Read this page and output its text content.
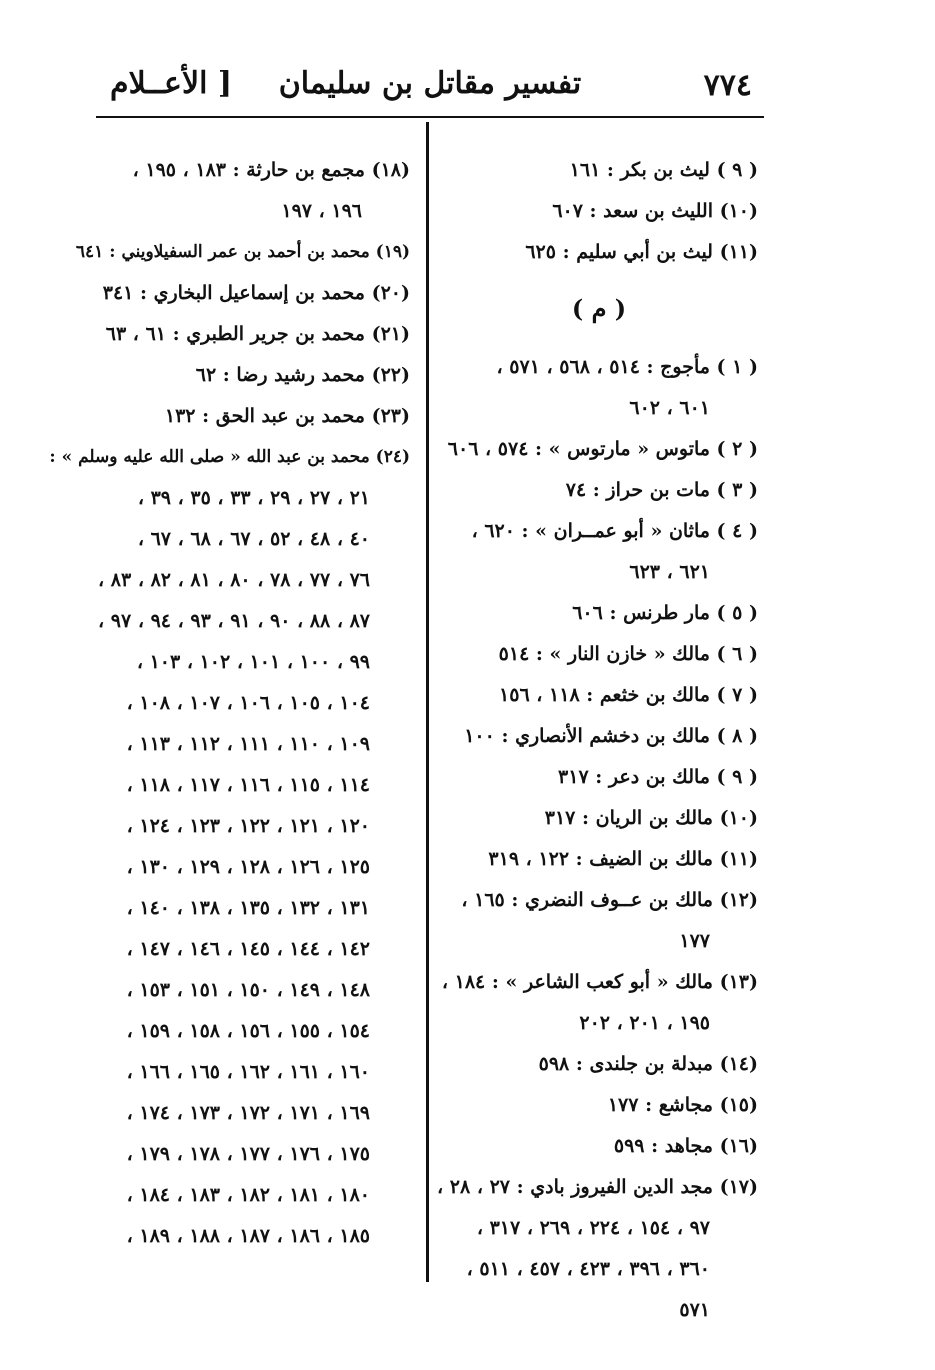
٧٧٤
تفسير مقاتل بن سليمان
[ الأعــلام
( ٩ ) ليث بن بكر : ١٦١
(١٠) الليث بن سعد : ٦٠٧
(١١) ليث بن أبي سليم : ٦٢٥
( م )
( ١ ) مأجوج : ٥١٤ ، ٥٦٨ ، ٥٧١ ،
٦٠١ ، ٦٠٢
( ٢ ) ماتوس « مارتوس » : ٥٧٤ ، ٦٠٦
( ٣ ) مات بن حراز : ٧٤
( ٤ ) ماثان « أبو عمــران » : ٦٢٠ ،
٦٢١ ، ٦٢٣
( ٥ ) مار طرنس : ٦٠٦
( ٦ ) مالك « خازن النار » : ٥١٤
( ٧ ) مالك بن خثعم : ١١٨ ، ١٥٦
( ٨ ) مالك بن دخشم الأنصاري : ١٠٠
( ٩ ) مالك بن دعر : ٣١٧
(١٠) مالك بن الريان : ٣١٧
(١١) مالك بن الضيف : ١٢٢ ، ٣١٩
(١٢) مالك بن عــوف النضري : ١٦٥ ،
١٧٧
(١٣) مالك « أبو كعب الشاعر » : ١٨٤ ،
١٩٥ ، ٢٠١ ، ٢٠٢
(١٤) مبدلة بن جلندى : ٥٩٨
(١٥) مجاشع : ١٧٧
(١٦) مجاهد : ٥٩٩
(١٧) مجد الدين الفيروز بادي : ٢٧ ، ٢٨ ،
٩٧ ، ١٥٤ ، ٢٢٤ ، ٢٦٩ ، ٣١٧ ،
٣٦٠ ، ٣٩٦ ، ٤٢٣ ، ٤٥٧ ، ٥١١ ،
٥٧١
(١٨) مجمع بن حارثة : ١٨٣ ، ١٩٥ ،
١٩٦ ، ١٩٧
(١٩) محمد بن أحمد بن عمر السفيلاويني : ٦٤١
(٢٠) محمد بن إسماعيل البخاري : ٣٤١
(٢١) محمد بن جرير الطبري : ٦١ ، ٦٣
(٢٢) محمد رشيد رضا : ٦٢
(٢٣) محمد بن عبد الحق : ١٣٢
(٢٤) محمد بن عبد الله « صلى الله عليه وسلم » :
٢١ ، ٢٧ ، ٢٩ ، ٣٣ ، ٣٥ ، ٣٩ ،
٤٠ ، ٤٨ ، ٥٢ ، ٦٧ ، ٦٨ ، ٦٧ ،
٧٦ ، ٧٧ ، ٧٨ ، ٨٠ ، ٨١ ، ٨٢ ، ٨٣ ،
٨٧ ، ٨٨ ، ٩٠ ، ٩١ ، ٩٣ ، ٩٤ ، ٩٧ ،
٩٩ ، ١٠٠ ، ١٠١ ، ١٠٢ ، ١٠٣ ،
١٠٤ ، ١٠٥ ، ١٠٦ ، ١٠٧ ، ١٠٨ ،
١٠٩ ، ١١٠ ، ١١١ ، ١١٢ ، ١١٣ ،
١١٤ ، ١١٥ ، ١١٦ ، ١١٧ ، ١١٨ ،
١٢٠ ، ١٢١ ، ١٢٢ ، ١٢٣ ، ١٢٤ ،
١٢٥ ، ١٢٦ ، ١٢٨ ، ١٢٩ ، ١٣٠ ،
١٣١ ، ١٣٢ ، ١٣٥ ، ١٣٨ ، ١٤٠ ،
١٤٢ ، ١٤٤ ، ١٤٥ ، ١٤٦ ، ١٤٧ ،
١٤٨ ، ١٤٩ ، ١٥٠ ، ١٥١ ، ١٥٣ ،
١٥٤ ، ١٥٥ ، ١٥٦ ، ١٥٨ ، ١٥٩ ،
١٦٠ ، ١٦١ ، ١٦٢ ، ١٦٥ ، ١٦٦ ،
١٦٩ ، ١٧١ ، ١٧٢ ، ١٧٣ ، ١٧٤ ،
١٧٥ ، ١٧٦ ، ١٧٧ ، ١٧٨ ، ١٧٩ ،
١٨٠ ، ١٨١ ، ١٨٢ ، ١٨٣ ، ١٨٤ ،
١٨٥ ، ١٨٦ ، ١٨٧ ، ١٨٨ ، ١٨٩ ،
